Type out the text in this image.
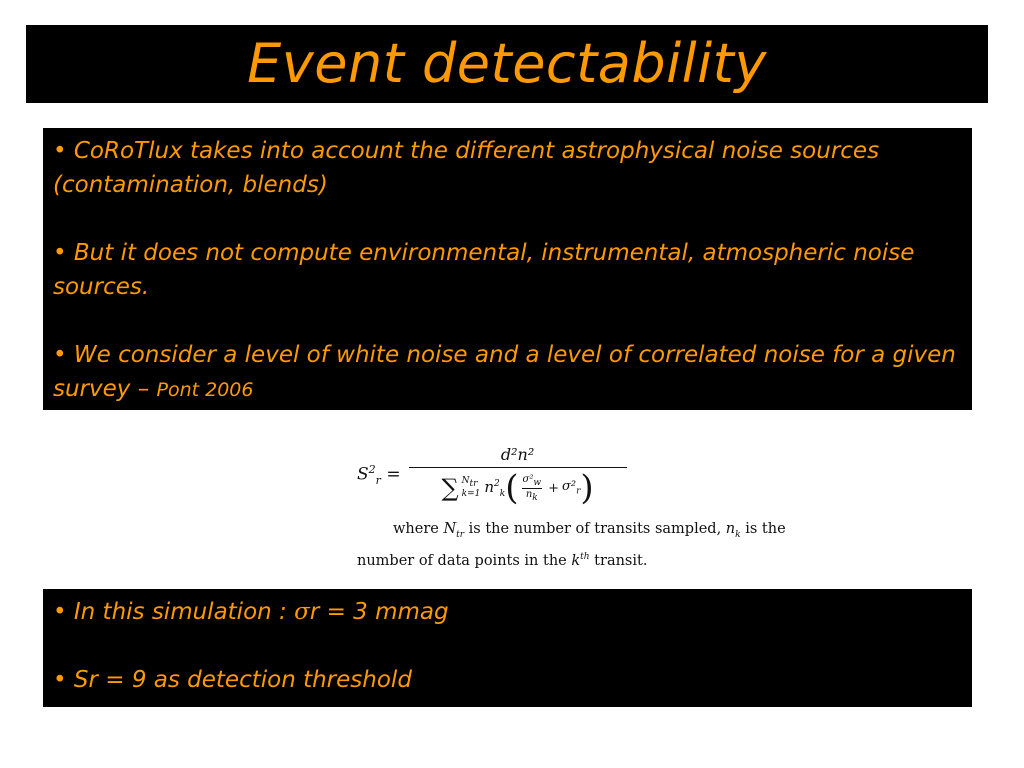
Event detectability

• CoRoTlux takes into account the different astrophysical noise sources (contamination, blends)

• But it does not compute environmental, instrumental, atmospheric noise sources.

• We consider a level of white noise and a level of correlated noise for a given survey – Pont 2006

$S^2_r$ =
d²n²
∑ $N_{tr}$
k=1 $n^2_k$ ( $\sigma^2_w$
$n_k$
+ $\sigma^2_r$ )
where $N_{tr}$ is the number of transits sampled, $n_k$ is the
number of data points in the $k^{th}$ transit.

• In this simulation : σr = 3 mmag

• Sr = 9 as detection threshold
